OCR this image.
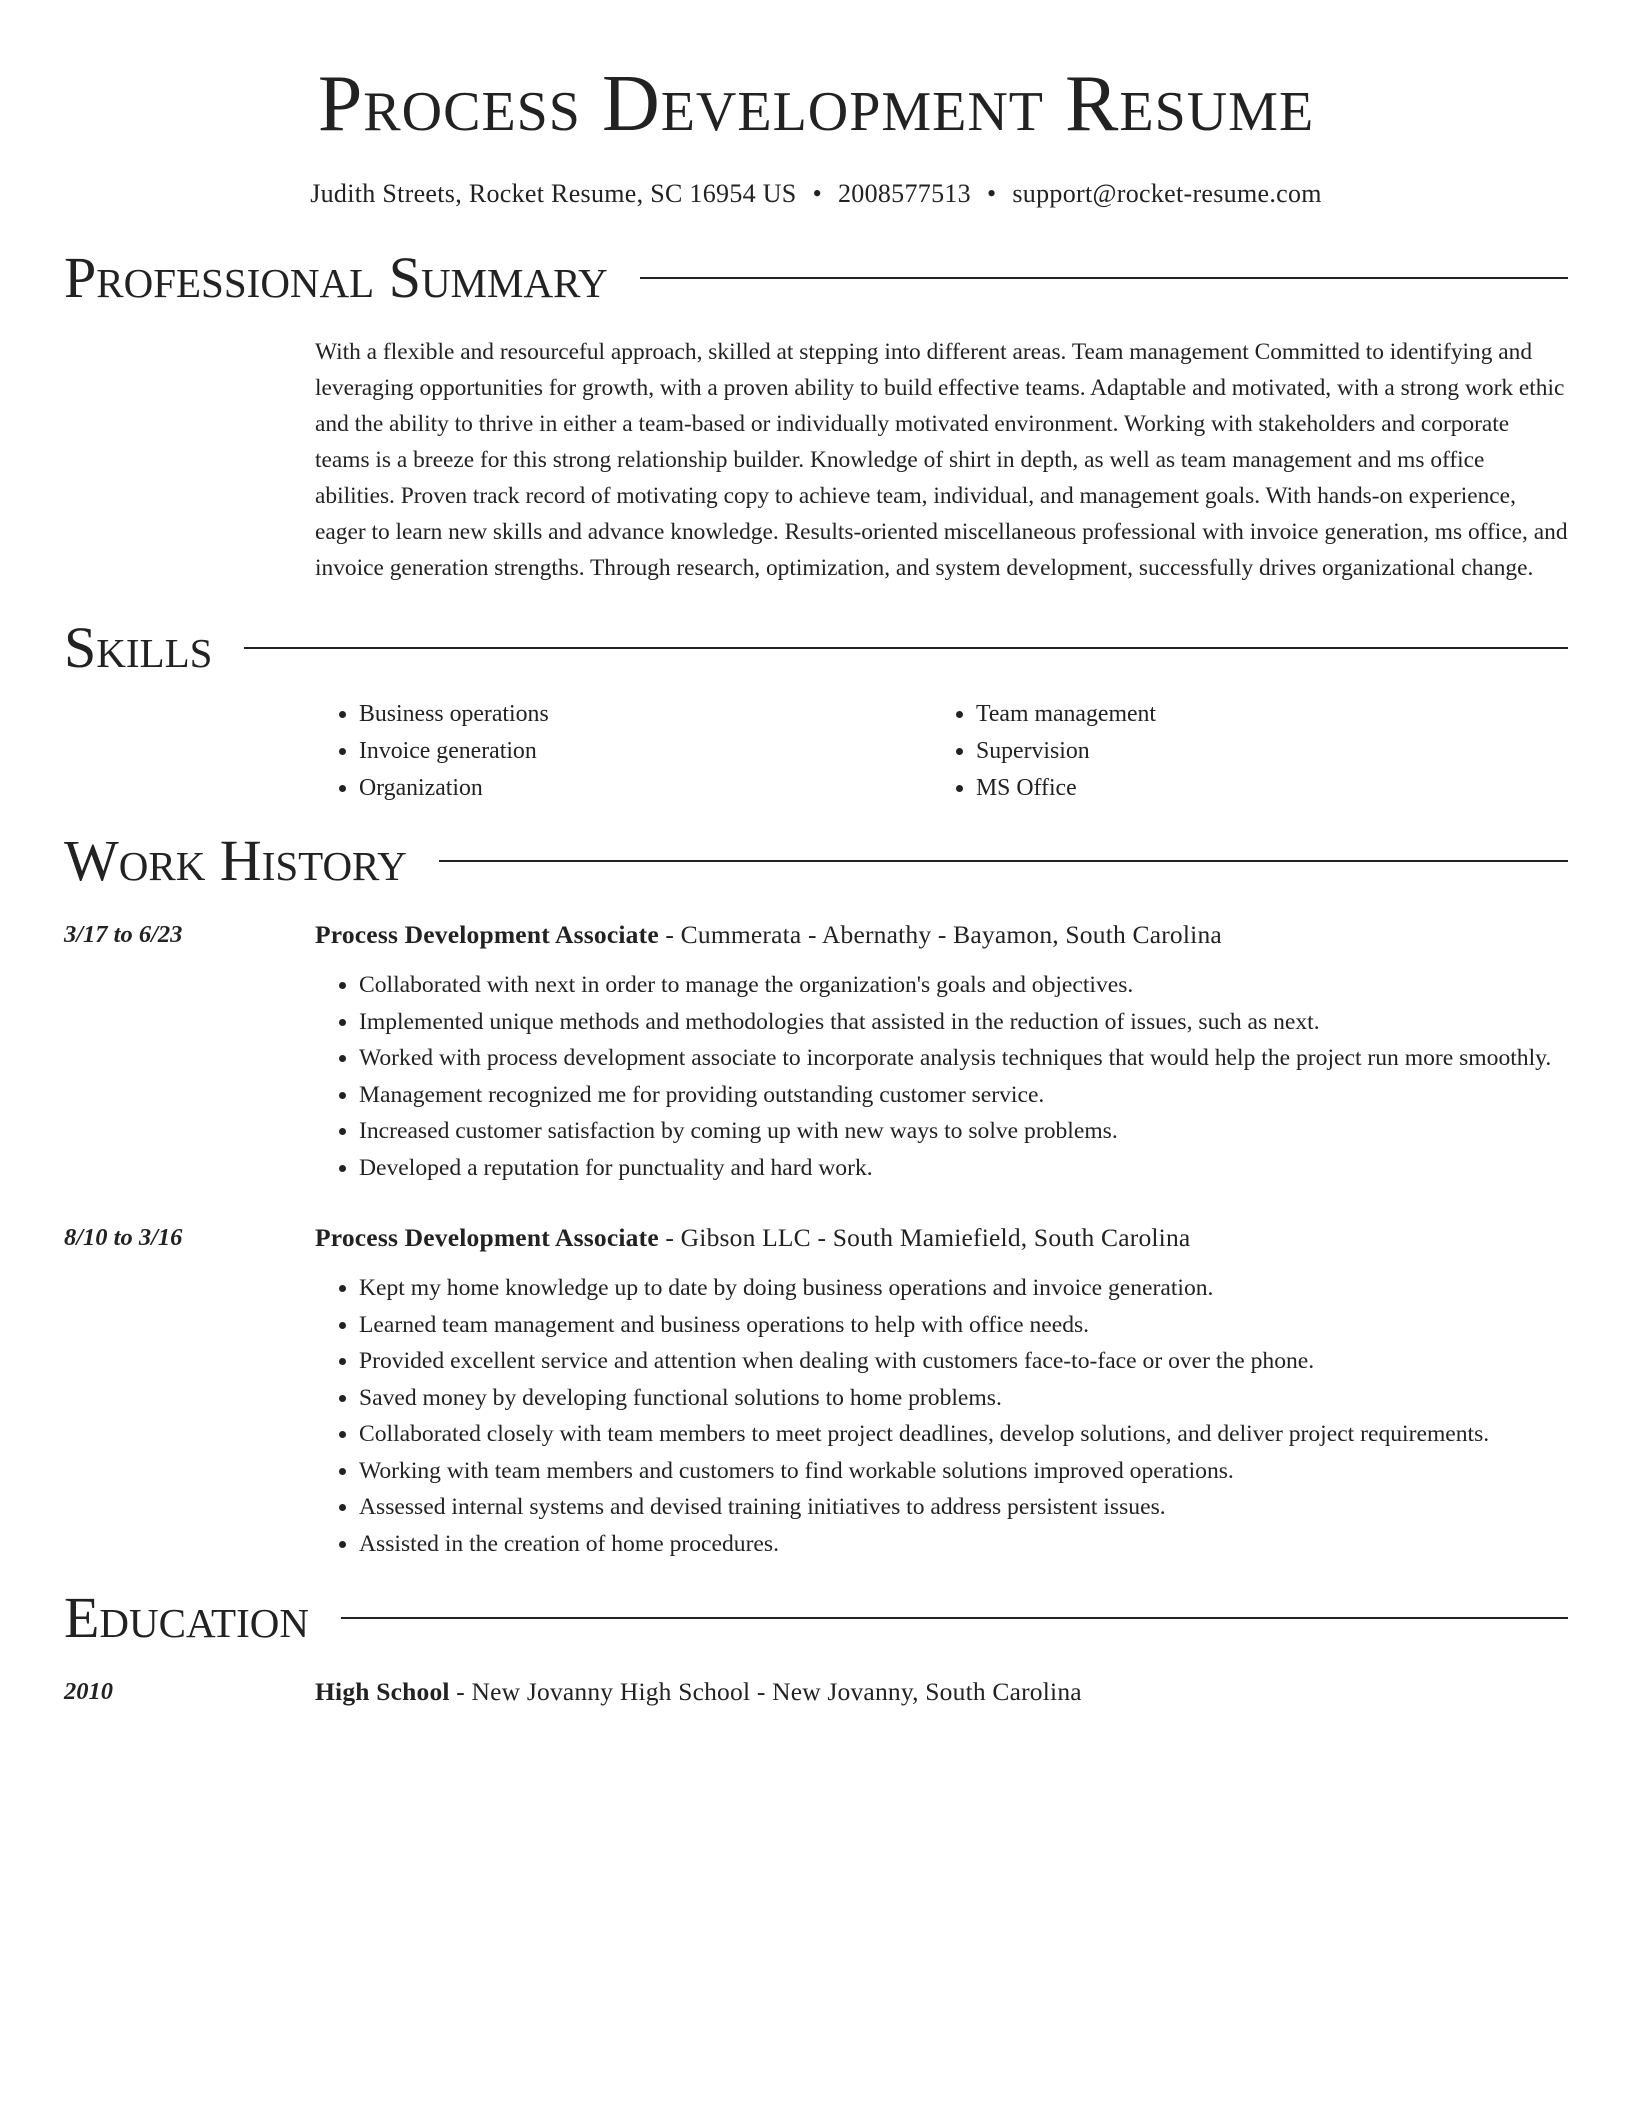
Process Development Resume
Judith Streets, Rocket Resume, SC 16954 US • 2008577513 • support@rocket-resume.com
Professional Summary
With a flexible and resourceful approach, skilled at stepping into different areas. Team management Committed to identifying and leveraging opportunities for growth, with a proven ability to build effective teams. Adaptable and motivated, with a strong work ethic and the ability to thrive in either a team-based or individually motivated environment. Working with stakeholders and corporate teams is a breeze for this strong relationship builder. Knowledge of shirt in depth, as well as team management and ms office abilities. Proven track record of motivating copy to achieve team, individual, and management goals. With hands-on experience, eager to learn new skills and advance knowledge. Results-oriented miscellaneous professional with invoice generation, ms office, and invoice generation strengths. Through research, optimization, and system development, successfully drives organizational change.
Skills
• Business operations
• Invoice generation
• Organization
• Team management
• Supervision
• MS Office
Work History
3/17 to 6/23	Process Development Associate - Cummerata - Abernathy - Bayamon, South Carolina
• Collaborated with next in order to manage the organization's goals and objectives.
• Implemented unique methods and methodologies that assisted in the reduction of issues, such as next.
• Worked with process development associate to incorporate analysis techniques that would help the project run more smoothly.
• Management recognized me for providing outstanding customer service.
• Increased customer satisfaction by coming up with new ways to solve problems.
• Developed a reputation for punctuality and hard work.
8/10 to 3/16	Process Development Associate - Gibson LLC - South Mamiefield, South Carolina
• Kept my home knowledge up to date by doing business operations and invoice generation.
• Learned team management and business operations to help with office needs.
• Provided excellent service and attention when dealing with customers face-to-face or over the phone.
• Saved money by developing functional solutions to home problems.
• Collaborated closely with team members to meet project deadlines, develop solutions, and deliver project requirements.
• Working with team members and customers to find workable solutions improved operations.
• Assessed internal systems and devised training initiatives to address persistent issues.
• Assisted in the creation of home procedures.
Education
2010	High School - New Jovanny High School - New Jovanny, South Carolina
